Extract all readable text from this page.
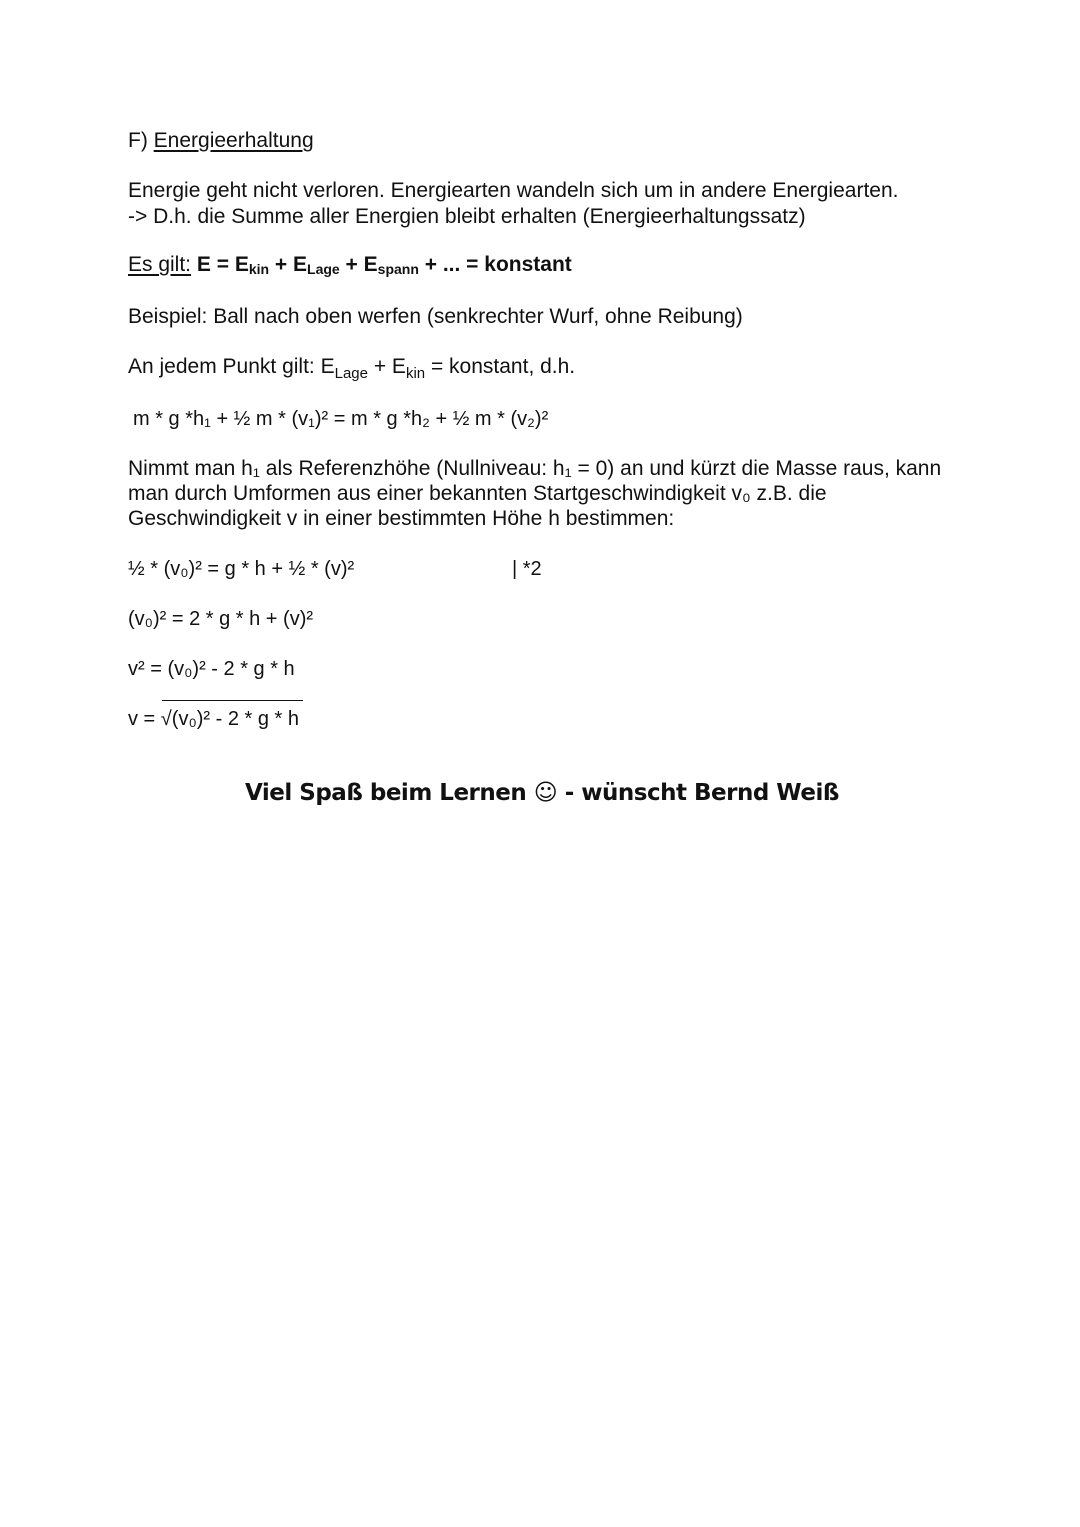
F) Energieerhaltung
Energie geht nicht verloren. Energiearten wandeln sich um in andere Energiearten.
-> D.h. die Summe aller Energien bleibt erhalten (Energieerhaltungssatz)
Es gilt: E = Ekin + ELage + Espann + ... = konstant
Beispiel: Ball nach oben werfen (senkrechter Wurf, ohne Reibung)
An jedem Punkt gilt: $E_{Lage} + E_{kin}$ = konstant, d.h.
m * g *h₁ + ½ m * (v₁)² = m * g *h₂ + ½ m * (v₂)²
Nimmt man h₁ als Referenzhöhe (Nullniveau: h₁ = 0) an und kürzt die Masse raus, kann
man durch Umformen aus einer bekannten Startgeschwindigkeit v₀ z.B. die
Geschwindigkeit v in einer bestimmten Höhe h bestimmen:
½ * (v₀)² = g * h + ½ * (v)²	| *2
(v₀)² = 2 * g * h + (v)²
v² = (v₀)² - 2 * g * h
v = √
(v₀)² - 2 * g * h
Viel Spaß beim Lernen ☺ - wünscht Bernd Weiß
